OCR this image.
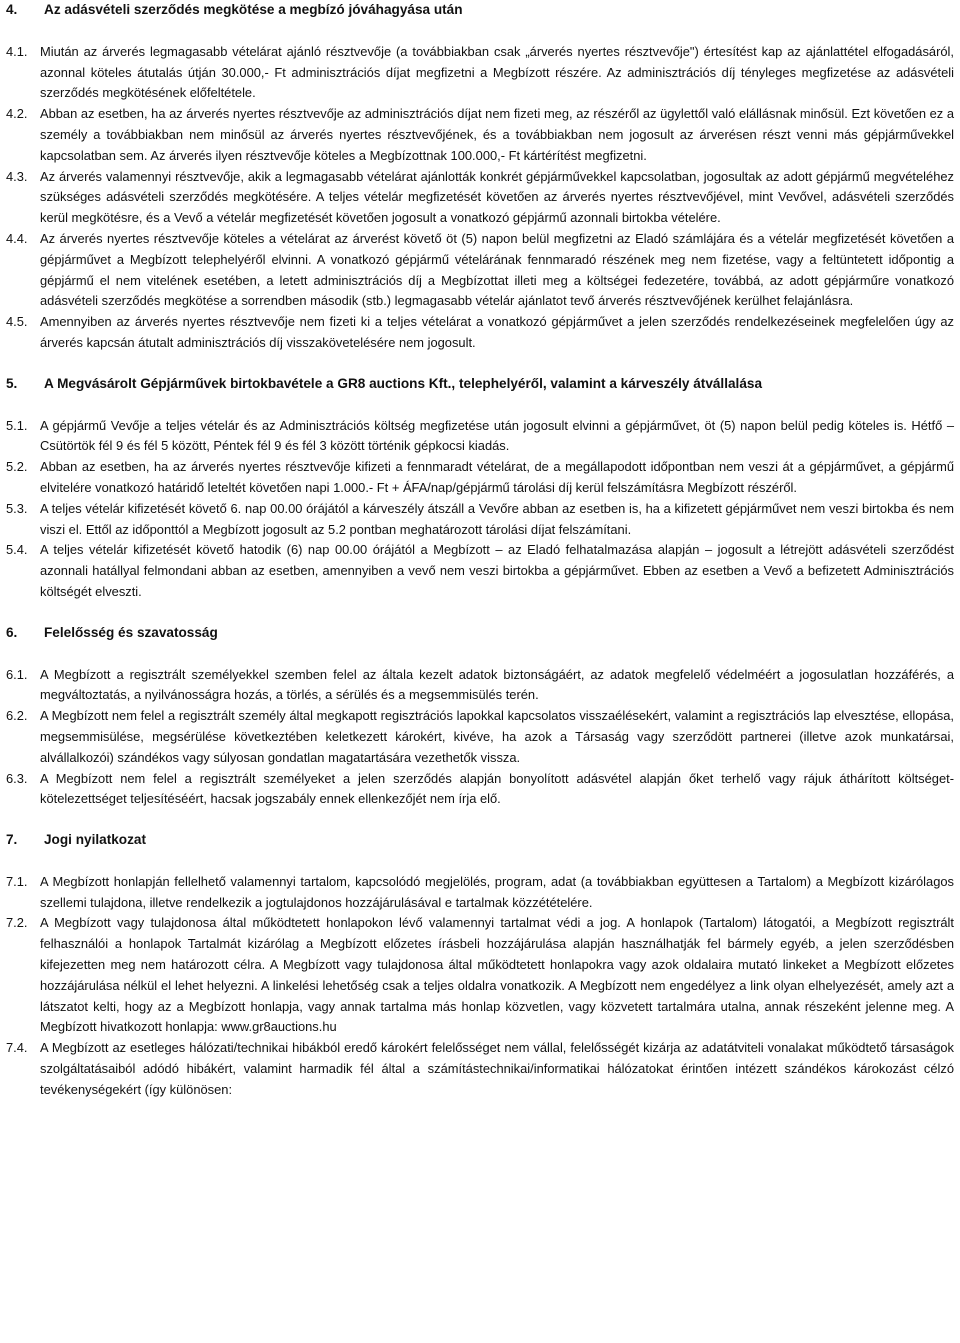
4.	Az adásvételi szerződés megkötése a megbízó jóváhagyása után
4.1. Miután az árverés legmagasabb vételárat ajánló résztvevője (a továbbiakban csak „árverés nyertes résztvevője") értesítést kap az ajánlattétel elfogadásáról, azonnal köteles átutalás útján 30.000,- Ft adminisztrációs díjat megfizetni a Megbízott részére. Az adminisztrációs díj tényleges megfizetése az adásvételi szerződés megkötésének előfeltétele.
4.2. Abban az esetben, ha az árverés nyertes résztvevője az adminisztrációs díjat nem fizeti meg, az részéről az ügylettől való elállásnak minősül. Ezt követően ez a személy a továbbiakban nem minősül az árverés nyertes résztvevőjének, és a továbbiakban nem jogosult az árverésen részt venni más gépjárművekkel kapcsolatban sem. Az árverés ilyen résztvevője köteles a Megbízottnak 100.000,- Ft kártérítést megfizetni.
4.3. Az árverés valamennyi résztvevője, akik a legmagasabb vételárat ajánlották konkrét gépjárművekkel kapcsolatban, jogosultak az adott gépjármű megvételéhez szükséges adásvételi szerződés megkötésére. A teljes vételár megfizetését követően az árverés nyertes résztvevőjével, mint Vevővel, adásvételi szerződés kerül megkötésre, és a Vevő a vételár megfizetését követően jogosult a vonatkozó gépjármű azonnali birtokba vételére.
4.4. Az árverés nyertes résztvevője köteles a vételárat az árverést követő öt (5) napon belül megfizetni az Eladó számlájára és a vételár megfizetését követően a gépjárművet a Megbízott telephelyéről elvinni. A vonatkozó gépjármű vételárának fennmaradó részének meg nem fizetése, vagy a feltüntetett időpontig a gépjármű el nem vitelének esetében, a letett adminisztrációs díj a Megbízottat illeti meg a költségei fedezetére, továbbá, az adott gépjárműre vonatkozó adásvételi szerződés megkötése a sorrendben második (stb.) legmagasabb vételár ajánlatot tevő árverés résztvevőjének kerülhet felajánlásra.
4.5. Amennyiben az árverés nyertes résztvevője nem fizeti ki a teljes vételárat a vonatkozó gépjárművet a jelen szerződés rendelkezéseinek megfelelően úgy az árverés kapcsán átutalt adminisztrációs díj visszakövetelésére nem jogosult.
5.	A Megvásárolt Gépjárművek birtokbavétele a GR8 auctions Kft., telephelyéről, valamint a kárveszély átvállalása
5.1. A gépjármű Vevője a teljes vételár és az Adminisztrációs költség megfizetése után jogosult elvinni a gépjárművet, öt (5) napon belül pedig köteles is. Hétfő – Csütörtök fél 9 és fél 5 között, Péntek fél 9 és fél 3 között történik gépkocsi kiadás.
5.2. Abban az esetben, ha az árverés nyertes résztvevője kifizeti a fennmaradt vételárat, de a megállapodott időpontban nem veszi át a gépjárművet, a gépjármű elvitelére vonatkozó határidő leteltét követően napi 1.000.- Ft + ÁFA/nap/gépjármű tárolási díj kerül felszámításra Megbízott részéről.
5.3. A teljes vételár kifizetését követő 6. nap 00.00 órájától a kárveszély átszáll a Vevőre abban az esetben is, ha a kifizetett gépjárművet nem veszi birtokba és nem viszi el. Ettől az időponttól a Megbízott jogosult az 5.2 pontban meghatározott tárolási díjat felszámítani.
5.4. A teljes vételár kifizetését követő hatodik (6) nap 00.00 órájától a Megbízott – az Eladó felhatalmazása alapján – jogosult a létrejött adásvételi szerződést azonnali hatállyal felmondani abban az esetben, amennyiben a vevő nem veszi birtokba a gépjárművet. Ebben az esetben a Vevő a befizetett Adminisztrációs költségét elveszti.
6.	Felelősség és szavatosság
6.1. A Megbízott a regisztrált személyekkel szemben felel az általa kezelt adatok biztonságáért, az adatok megfelelő védelméért a jogosulatlan hozzáférés, a megváltoztatás, a nyilvánosságra hozás, a törlés, a sérülés és a megsemmisülés terén.
6.2. A Megbízott nem felel a regisztrált személy által megkapott regisztrációs lapokkal kapcsolatos visszaélésekért, valamint a regisztrációs lap elvesztése, ellopása, megsemmisülése, megsérülése következtében keletkezett károkért, kivéve, ha azok a Társaság vagy szerződött partnerei (illetve azok munkatársai, alvállalkozói) szándékos vagy súlyosan gondatlan magatartására vezethetők vissza.
6.3. A Megbízott nem felel a regisztrált személyeket a jelen szerződés alapján bonyolított adásvétel alapján őket terhelő vagy rájuk áthárított költséget-kötelezettséget teljesítéséért, hacsak jogszabály ennek ellenkezőjét nem írja elő.
7.	Jogi nyilatkozat
7.1. A Megbízott honlapján fellelhető valamennyi tartalom, kapcsolódó megjelölés, program, adat (a továbbiakban együttesen a Tartalom) a Megbízott kizárólagos szellemi tulajdona, illetve rendelkezik a jogtulajdonos hozzájárulásával e tartalmak közzétételére.
7.2. A Megbízott vagy tulajdonosa által működtetett honlapokon lévő valamennyi tartalmat védi a jog. A honlapok (Tartalom) látogatói, a Megbízott regisztrált felhasználói a honlapok Tartalmát kizárólag a Megbízott előzetes írásbeli hozzájárulása alapján használhatják fel bármely egyéb, a jelen szerződésben kifejezetten meg nem határozott célra. A Megbízott vagy tulajdonosa által működtetett honlapokra vagy azok oldalaira mutató linkeket a Megbízott előzetes hozzájárulása nélkül el lehet helyezni. A linkelési lehetőség csak a teljes oldalra vonatkozik. A Megbízott nem engedélyez a link olyan elhelyezését, amely azt a látszatot kelti, hogy az a Megbízott honlapja, vagy annak tartalma más honlap közvetlen, vagy közvetett tartalmára utalna, annak részeként jelenne meg. A Megbízott hivatkozott honlapja: www.gr8auctions.hu
7.4. A Megbízott az esetleges hálózati/technikai hibákból eredő károkért felelősséget nem vállal, felelősségét kizárja az adatátviteli vonalakat működtető társaságok szolgáltatásaiból adódó hibákért, valamint harmadik fél által a számítástechnikai/informatikai hálózatokat érintően intézett szándékos károkozást célzó tevékenységekért (így különösen:
